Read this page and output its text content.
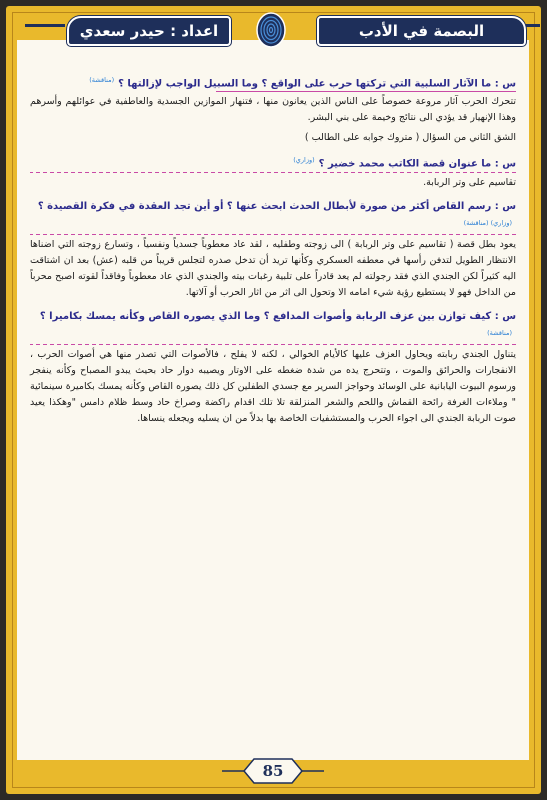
اعداد : حيدر سعدي	البصمة في الأدب
س : ما الآثار السلبية التي تركتها حرب على الواقع ؟ وما السبيل الواجب لإزالتها ؟$^{(مناقشة)}$
تتحرك الحرب آثار مروعة خصوصاً على الناس الذين يعانون منها ، فتنهار الموازين الجسدية والعاطفية في عوائلهم وأسرهم وهذا الإنهيار قد يؤدي الى نتائج وخيمة على بني البشر.
الشق الثاني من السؤال ( متروك جوابه على الطالب )
س : ما عنوان قصة الكاتب محمد خضير ؟$^{(وزاري)}$
تقاسيم على وتر الربابة.
س : رسم القاص أكثر من صورة لأبطال الحدث ابحث عنها ؟ أو أين تجد العقدة في فكرة القصيدة ؟$^{(وزاري) (مناقشة)}$
يعود بطل قصة ( تقاسيم على وتر الربابة ) الى زوجته وطفليه ، لقد عاد معطوباً جسدياً ونفسياً ، وتسارع زوجته التي اضناها الانتظار الطويل لتدفن رأسها في معطفه العسكري وكأنها تريد أن تدخل صدره لتجلس قريباً من قلبه (عش) بعد ان اشتاقت اليه كثيراً لكن الجندي الذي فقد رجولته لم يعد قادراً على تلبية رغبات بيته والجندي الذي عاد معطوباً وفاقداً لقوته اصبح محرباً من الداخل فهو لا يستطيع رؤية شيء امامه الا وتحول الى اثر من اثار الحرب أو آلاتها.
س : كيف توازن بين عزف الربابة وأصوات المدافع ؟ وما الذي يصوره القاص وكأنه يمسك بكاميرا ؟$^{(مناقشة)}$
يتناول الجندي ربابته ويحاول العزف عليها كالأيام الخوالي ، لكنه لا يفلح ، فالأصوات التي تصدر منها هي أصوات الحرب ، الانفجارات والحرائق والموت ، وتتحرج يده من شدة ضغطه على الاوتار ويصيبه دوار حاد بحيث يبدو المصباح وكأنه ينفجر ورسوم البيوت اليابانية على الوسائد وحواجز السرير مع جسدي الطفلين كل ذلك يصوره القاص وكأنه يمسك بكاميرة سينمائية " وملاءات الغرفة رائحة القماش واللحم والشعر المنزلقة تلا تلك اقدام راكضة وصراخ حاد وسط ظلام دامس "وهكذا يعيد صوت الربابة الجندي الى اجواء الحرب والمستشفيات الخاصة بها بدلاً من ان يسليه ويجعله ينساها.
85
